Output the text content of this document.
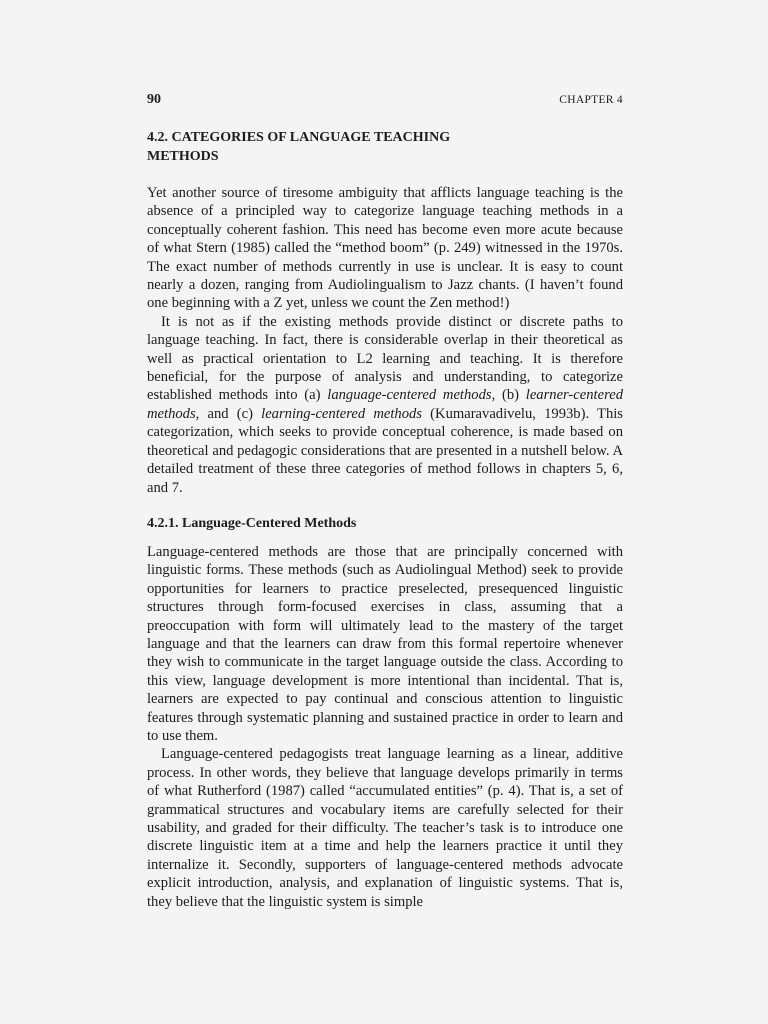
90	CHAPTER 4
4.2. CATEGORIES OF LANGUAGE TEACHING
METHODS

Yet another source of tiresome ambiguity that afflicts language teaching is the absence of a principled way to categorize language teaching methods in a conceptually coherent fashion. This need has become even more acute because of what Stern (1985) called the “method boom” (p. 249) witnessed in the 1970s. The exact number of methods currently in use is unclear. It is easy to count nearly a dozen, ranging from Audiolingualism to Jazz chants. (I haven’t found one beginning with a Z yet, unless we count the Zen method!)

It is not as if the existing methods provide distinct or discrete paths to language teaching. In fact, there is considerable overlap in their theoretical as well as practical orientation to L2 learning and teaching. It is therefore beneficial, for the purpose of analysis and understanding, to categorize established methods into (a) language-centered methods, (b) learner-centered methods, and (c) learning-centered methods (Kumaravadivelu, 1993b). This categorization, which seeks to provide conceptual coherence, is made based on theoretical and pedagogic considerations that are presented in a nutshell below. A detailed treatment of these three categories of method follows in chapters 5, 6, and 7.

4.2.1. Language-Centered Methods

Language-centered methods are those that are principally concerned with linguistic forms. These methods (such as Audiolingual Method) seek to provide opportunities for learners to practice preselected, presequenced linguistic structures through form-focused exercises in class, assuming that a preoccupation with form will ultimately lead to the mastery of the target language and that the learners can draw from this formal repertoire whenever they wish to communicate in the target language outside the class. According to this view, language development is more intentional than incidental. That is, learners are expected to pay continual and conscious attention to linguistic features through systematic planning and sustained practice in order to learn and to use them.

Language-centered pedagogists treat language learning as a linear, additive process. In other words, they believe that language develops primarily in terms of what Rutherford (1987) called “accumulated entities” (p. 4). That is, a set of grammatical structures and vocabulary items are carefully selected for their usability, and graded for their difficulty. The teacher’s task is to introduce one discrete linguistic item at a time and help the learners practice it until they internalize it. Secondly, supporters of language-centered methods advocate explicit introduction, analysis, and explanation of linguistic systems. That is, they believe that the linguistic system is simple
